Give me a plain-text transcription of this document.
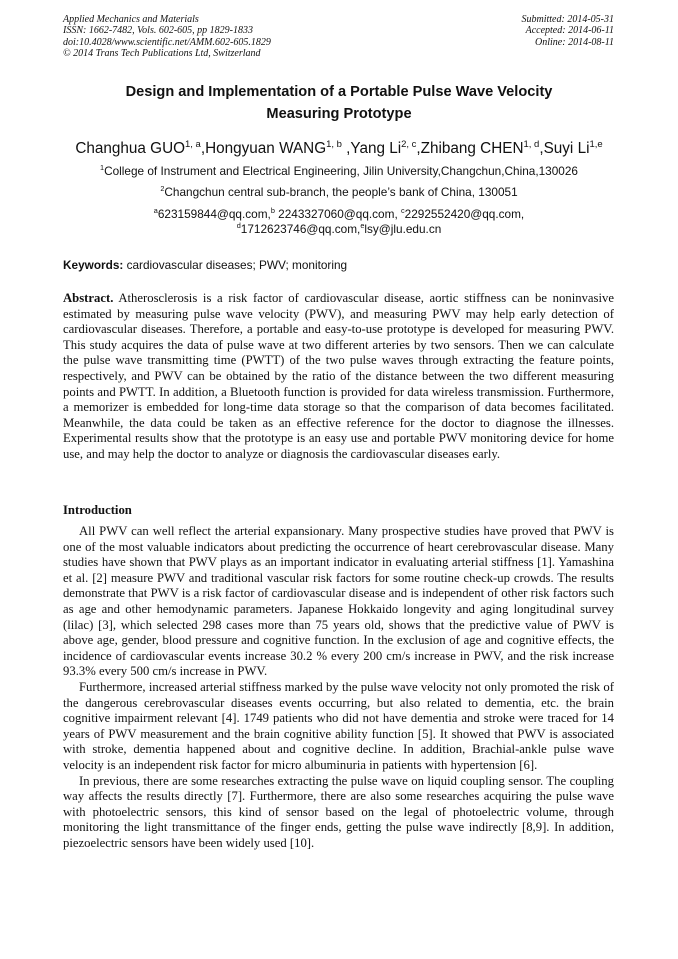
Applied Mechanics and Materials
ISSN: 1662-7482, Vols. 602-605, pp 1829-1833
doi:10.4028/www.scientific.net/AMM.602-605.1829
© 2014 Trans Tech Publications Ltd, Switzerland
Submitted: 2014-05-31
Accepted: 2014-06-11
Online: 2014-08-11
Design and Implementation of a Portable Pulse Wave Velocity
Measuring Prototype
Changhua GUO$^{1, a}$,Hongyuan WANG$^{1, b}$ ,Yang Li$^{2, c}$,Zhibang CHEN$^{1, d}$,Suyi Li$^{1,e}$
$^1$College of Instrument and Electrical Engineering, Jilin University,Changchun,China,130026
$^2$Changchun central sub-branch, the people’s bank of China, 130051
$^a$623159844@qq.com,$^b$ 2243327060@qq.com, $^c$2292552420@qq.com,
$^d$1712623746@qq.com,$^e$lsy@jlu.edu.cn
Keywords: cardiovascular diseases; PWV; monitoring
Abstract. Atherosclerosis is a risk factor of cardiovascular disease, aortic stiffness can be noninvasive estimated by measuring pulse wave velocity (PWV), and measuring PWV may help early detection of cardiovascular diseases. Therefore, a portable and easy-to-use prototype is developed for measuring PWV. This study acquires the data of pulse wave at two different arteries by two sensors. Then we can calculate the pulse wave transmitting time (PWTT) of the two pulse waves through extracting the feature points, respectively, and PWV can be obtained by the ratio of the distance between the two different measuring points and PWTT. In addition, a Bluetooth function is provided for data wireless transmission. Furthermore, a memorizer is embedded for long-time data storage so that the comparison of data becomes facilitated. Meanwhile, the data could be taken as an effective reference for the doctor to diagnose the illnesses. Experimental results show that the prototype is an easy use and portable PWV monitoring device for home use, and may help the doctor to analyze or diagnosis the cardiovascular diseases early.
Introduction

All PWV can well reflect the arterial expansionary. Many prospective studies have proved that PWV is one of the most valuable indicators about predicting the occurrence of heart cerebrovascular disease. Many studies have shown that PWV plays as an important indicator in evaluating arterial stiffness [1]. Yamashina et al. [2] measure PWV and traditional vascular risk factors for some routine check-up crowds. The results demonstrate that PWV is a risk factor of cardiovascular disease and is independent of other risk factors such as age and other hemodynamic parameters. Japanese Hokkaido longevity and aging longitudinal survey (lilac) [3], which selected 298 cases more than 75 years old, shows that the predictive value of PWV is above age, gender, blood pressure and cognitive function. In the exclusion of age and cognitive effects, the incidence of cardiovascular events increase 30.2 % every 200 cm/s increase in PWV, and the risk increase 93.3% every 500 cm/s increase in PWV.

Furthermore, increased arterial stiffness marked by the pulse wave velocity not only promoted the risk of the dangerous cerebrovascular diseases events occurring, but also related to dementia, etc. the brain cognitive impairment relevant [4]. 1749 patients who did not have dementia and stroke were traced for 14 years of PWV measurement and the brain cognitive ability function [5]. It showed that PWV is associated with stroke, dementia happened about and cognitive decline. In addition, Brachial-ankle pulse wave velocity is an independent risk factor for micro albuminuria in patients with hypertension [6].

In previous, there are some researches extracting the pulse wave on liquid coupling sensor. The coupling way affects the results directly [7]. Furthermore, there are also some researches acquiring the pulse wave with photoelectric sensors, this kind of sensor based on the legal of photoelectric volume, through monitoring the light transmittance of the finger ends, getting the pulse wave indirectly [8,9]. In addition, piezoelectric sensors have been widely used [10].
